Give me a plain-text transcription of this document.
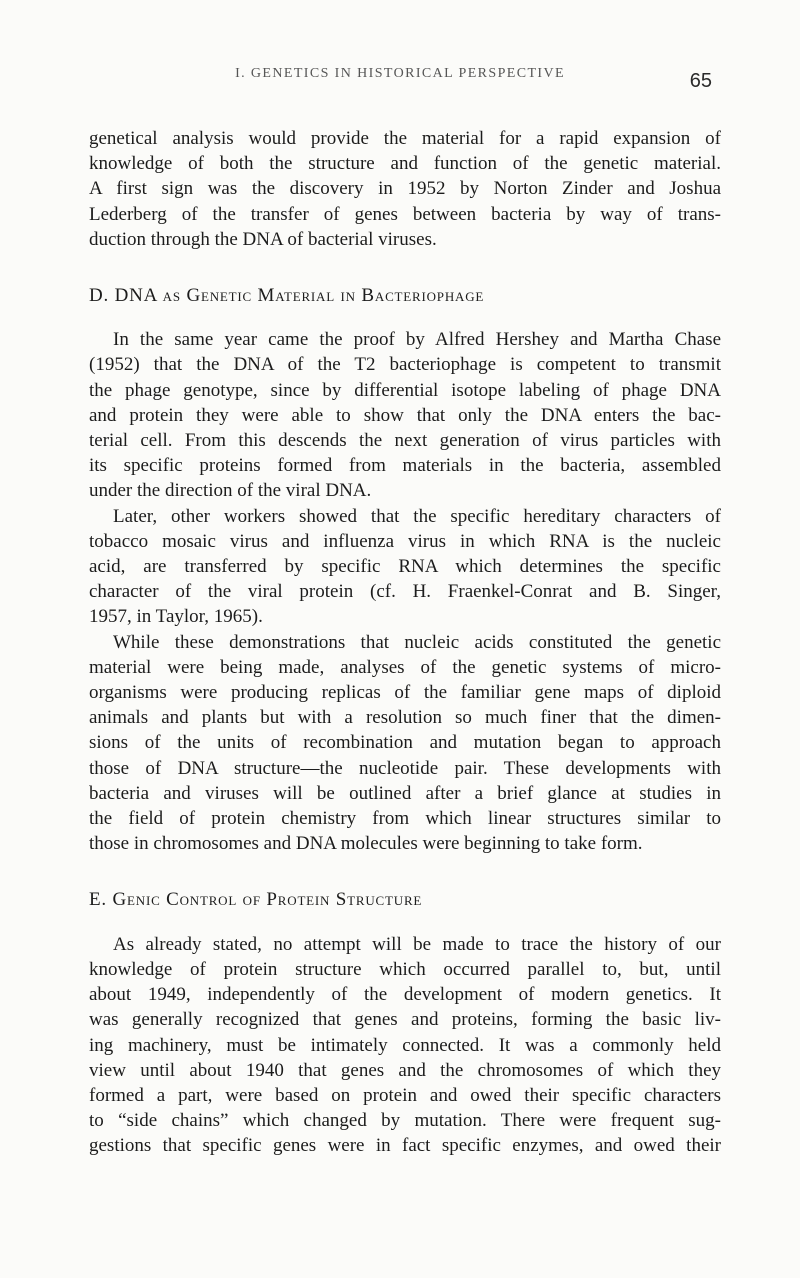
I. GENETICS IN HISTORICAL PERSPECTIVE	65

genetical analysis would provide the material for a rapid expansion of
knowledge of both the structure and function of the genetic material.
A first sign was the discovery in 1952 by Norton Zinder and Joshua
Lederberg of the transfer of genes between bacteria by way of trans-
duction through the DNA of bacterial viruses.

D. DNA as Genetic Material in Bacteriophage

In the same year came the proof by Alfred Hershey and Martha Chase
(1952) that the DNA of the T2 bacteriophage is competent to transmit
the phage genotype, since by differential isotope labeling of phage DNA
and protein they were able to show that only the DNA enters the bac-
terial cell. From this descends the next generation of virus particles with
its specific proteins formed from materials in the bacteria, assembled
under the direction of the viral DNA.

Later, other workers showed that the specific hereditary characters of
tobacco mosaic virus and influenza virus in which RNA is the nucleic
acid, are transferred by specific RNA which determines the specific
character of the viral protein (cf. H. Fraenkel-Conrat and B. Singer,
1957, in Taylor, 1965).

While these demonstrations that nucleic acids constituted the genetic
material were being made, analyses of the genetic systems of micro-
organisms were producing replicas of the familiar gene maps of diploid
animals and plants but with a resolution so much finer that the dimen-
sions of the units of recombination and mutation began to approach
those of DNA structure—the nucleotide pair. These developments with
bacteria and viruses will be outlined after a brief glance at studies in
the field of protein chemistry from which linear structures similar to
those in chromosomes and DNA molecules were beginning to take form.

E. Genic Control of Protein Structure

As already stated, no attempt will be made to trace the history of our
knowledge of protein structure which occurred parallel to, but, until
about 1949, independently of the development of modern genetics. It
was generally recognized that genes and proteins, forming the basic liv-
ing machinery, must be intimately connected. It was a commonly held
view until about 1940 that genes and the chromosomes of which they
formed a part, were based on protein and owed their specific characters
to “side chains” which changed by mutation. There were frequent sug-
gestions that specific genes were in fact specific enzymes, and owed their
